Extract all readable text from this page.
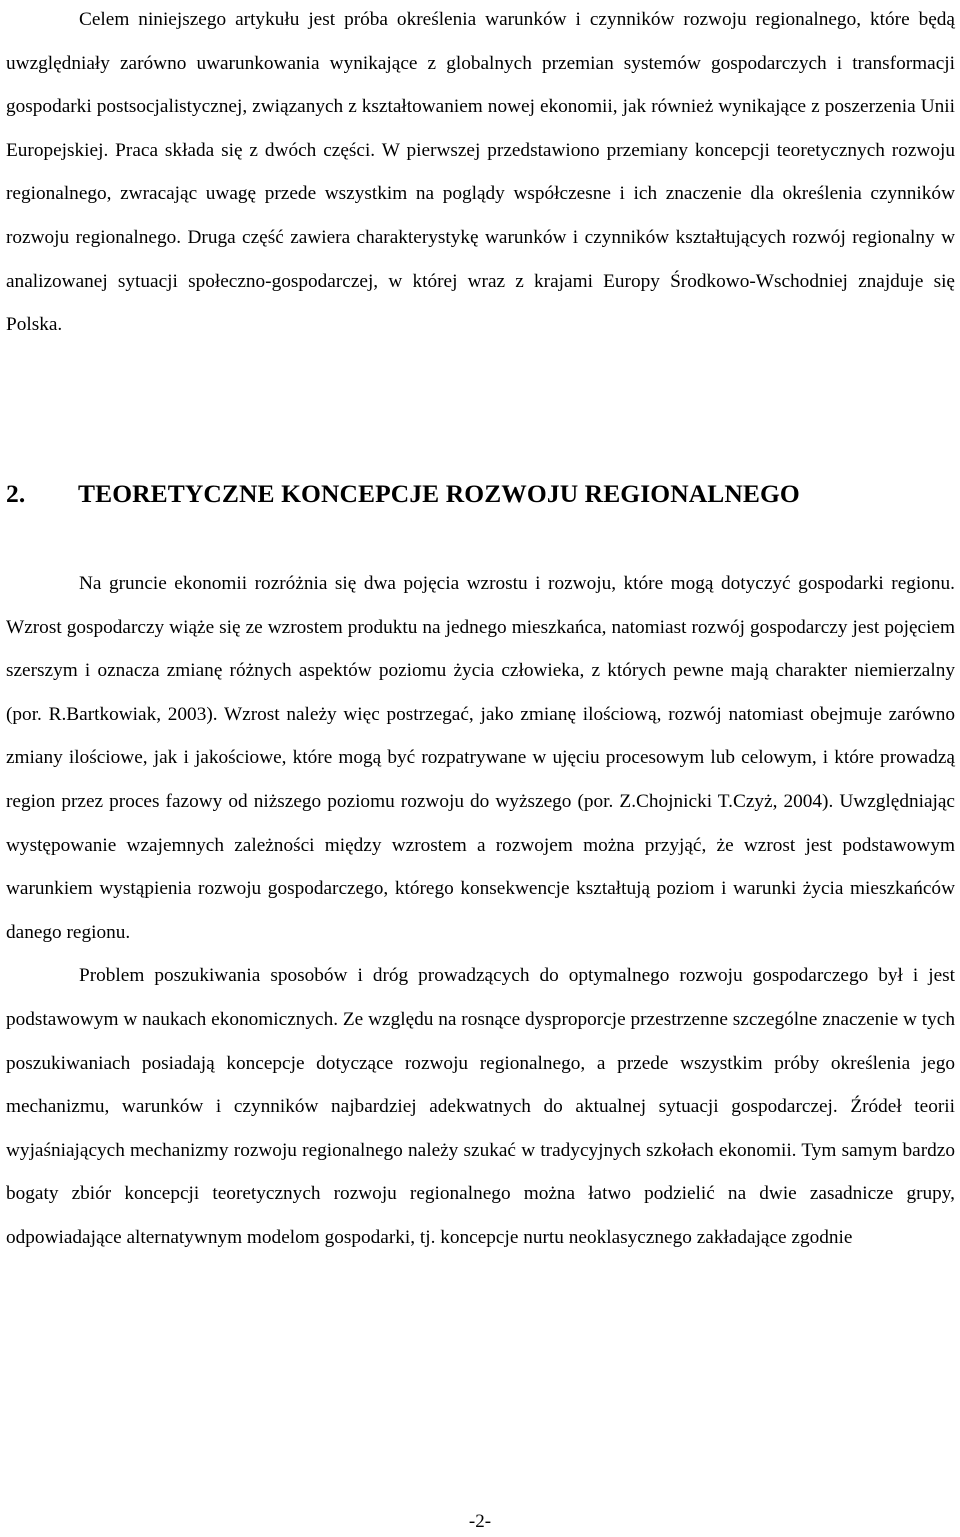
Celem niniejszego artykułu jest próba określenia warunków i czynników rozwoju regionalnego, które będą uwzględniały zarówno uwarunkowania wynikające z globalnych przemian systemów gospodarczych i transformacji gospodarki postsocjalistycznej, związanych z kształtowaniem nowej ekonomii, jak również wynikające z poszerzenia Unii Europejskiej. Praca składa się z dwóch części. W pierwszej przedstawiono przemiany koncepcji teoretycznych rozwoju regionalnego, zwracając uwagę przede wszystkim na poglądy współczesne i ich znaczenie dla określenia czynników rozwoju regionalnego. Druga część zawiera charakterystykę warunków i czynników kształtujących rozwój regionalny w analizowanej sytuacji społeczno-gospodarczej, w której wraz z krajami Europy Środkowo-Wschodniej znajduje się Polska.

2. TEORETYCZNE KONCEPCJE ROZWOJU REGIONALNEGO

Na gruncie ekonomii rozróżnia się dwa pojęcia wzrostu i rozwoju, które mogą dotyczyć gospodarki regionu. Wzrost gospodarczy wiąże się ze wzrostem produktu na jednego mieszkańca, natomiast rozwój gospodarczy jest pojęciem szerszym i oznacza zmianę różnych aspektów poziomu życia człowieka, z których pewne mają charakter niemierzalny (por. R.Bartkowiak, 2003). Wzrost należy więc postrzegać, jako zmianę ilościową, rozwój natomiast obejmuje zarówno zmiany ilościowe, jak i jakościowe, które mogą być rozpatrywane w ujęciu procesowym lub celowym, i które prowadzą region przez proces fazowy od niższego poziomu rozwoju do wyższego (por. Z.Chojnicki T.Czyż, 2004). Uwzględniając występowanie wzajemnych zależności między wzrostem a rozwojem można przyjąć, że wzrost jest podstawowym warunkiem wystąpienia rozwoju gospodarczego, którego konsekwencje kształtują poziom i warunki życia mieszkańców danego regionu.

Problem poszukiwania sposobów i dróg prowadzących do optymalnego rozwoju gospodarczego był i jest podstawowym w naukach ekonomicznych. Ze względu na rosnące dysproporcje przestrzenne szczególne znaczenie w tych poszukiwaniach posiadają koncepcje dotyczące rozwoju regionalnego, a przede wszystkim próby określenia jego mechanizmu, warunków i czynników najbardziej adekwatnych do aktualnej sytuacji gospodarczej. Źródeł teorii wyjaśniających mechanizmy rozwoju regionalnego należy szukać w tradycyjnych szkołach ekonomii. Tym samym bardzo bogaty zbiór koncepcji teoretycznych rozwoju regionalnego można łatwo podzielić na dwie zasadnicze grupy, odpowiadające alternatywnym modelom gospodarki, tj. koncepcje nurtu neoklasycznego zakładające zgodnie

-2-
